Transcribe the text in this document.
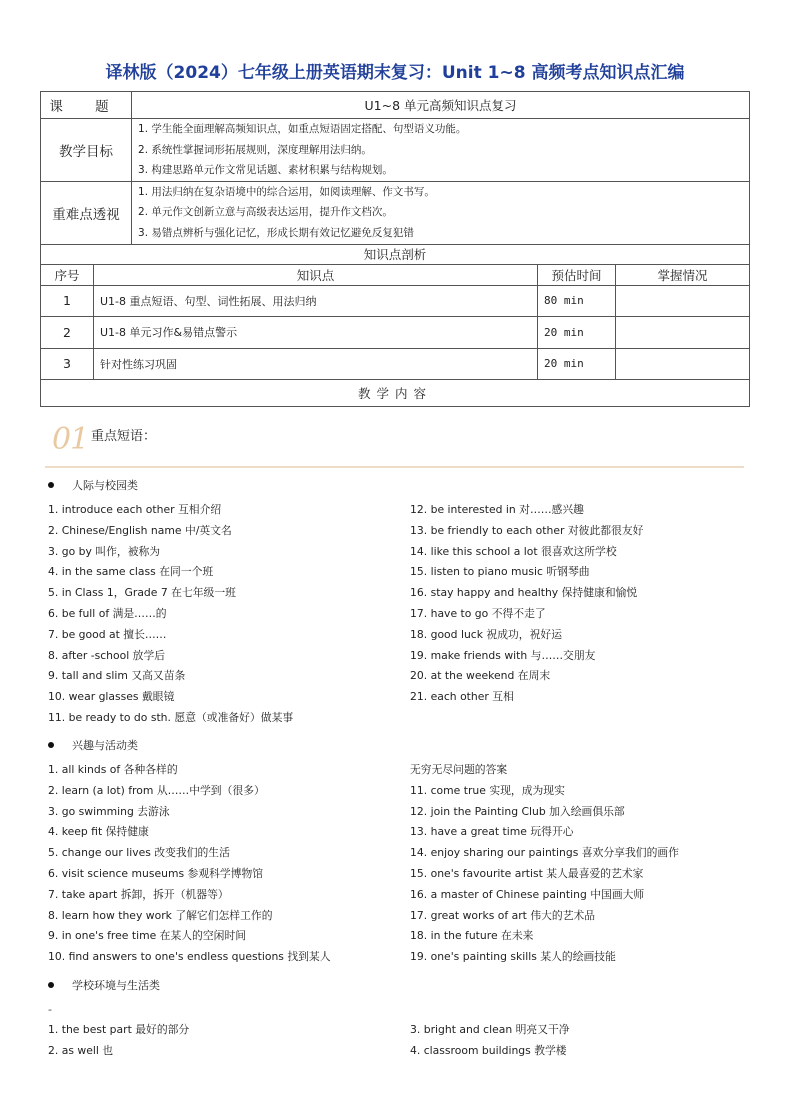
译林版（2024）七年级上册英语期末复习：Unit 1~8 高频考点知识点汇编
课 题		U1~8 单元高频知识点复习		
教学目标		1. 学生能全面理解高频知识点，如重点短语固定搭配、句型语义功能。
2. 系统性掌握词形拓展规则，深度理解用法归纳。
3. 构建思路单元作文常见话题、素材积累与结构规划。		

重难点透视		1. 用法归纳在复杂语境中的综合运用，如阅读理解、作文书写。
2. 单元作文创新立意与高级表达运用，提升作文档次。
3. 易错点辨析与强化记忆，形成长期有效记忆避免反复犯错		

知识点剖析				
序号	知识点		预估时间	掌握情况
1	U1-8 重点短语、句型、词性拓展、用法归纳		80 min	
2	U1-8 单元习作&易错点警示		20 min	
3	针对性练习巩固		20 min	
教学内容				
01 重点短语：
人际与校园类
1. introduce each other 互相介绍
2. Chinese/English name 中/英文名
3. go by 叫作，被称为
4. in the same class 在同一个班
5. in Class 1，Grade 7 在七年级一班
6. be full of 满是……的
7. be good at 擅长……
8. after -school 放学后
9. tall and slim 又高又苗条
10. wear glasses 戴眼镜
11. be ready to do sth. 愿意（或准备好）做某事
12. be interested in 对……感兴趣
13. be friendly to each other 对彼此都很友好
14. like this school a lot 很喜欢这所学校
15. listen to piano music 听钢琴曲
16. stay happy and healthy 保持健康和愉悦
17. have to go 不得不走了
18. good luck 祝成功，祝好运
19. make friends with 与……交朋友
20. at the weekend 在周末
21. each other 互相
兴趣与活动类
1. all kinds of 各种各样的
2. learn (a lot) from 从……中学到（很多）
3. go swimming 去游泳
4. keep fit 保持健康
5. change our lives 改变我们的生活
6. visit science museums 参观科学博物馆
7. take apart 拆卸，拆开（机器等）
8. learn how they work 了解它们怎样工作的
9. in one's free time 在某人的空闲时间
10. find answers to one's endless questions 找到某人
无穷无尽问题的答案
11. come true 实现，成为现实
12. join the Painting Club 加入绘画俱乐部
13. have a great time 玩得开心
14. enjoy sharing our paintings 喜欢分享我们的画作
15. one's favourite artist 某人最喜爱的艺术家
16. a master of Chinese painting 中国画大师
17. great works of art 伟大的艺术品
18. in the future 在未来
19. one's painting skills 某人的绘画技能
学校环境与生活类
-
1. the best part 最好的部分
2. as well 也
3. bright and clean 明亮又干净
4. classroom buildings 教学楼
